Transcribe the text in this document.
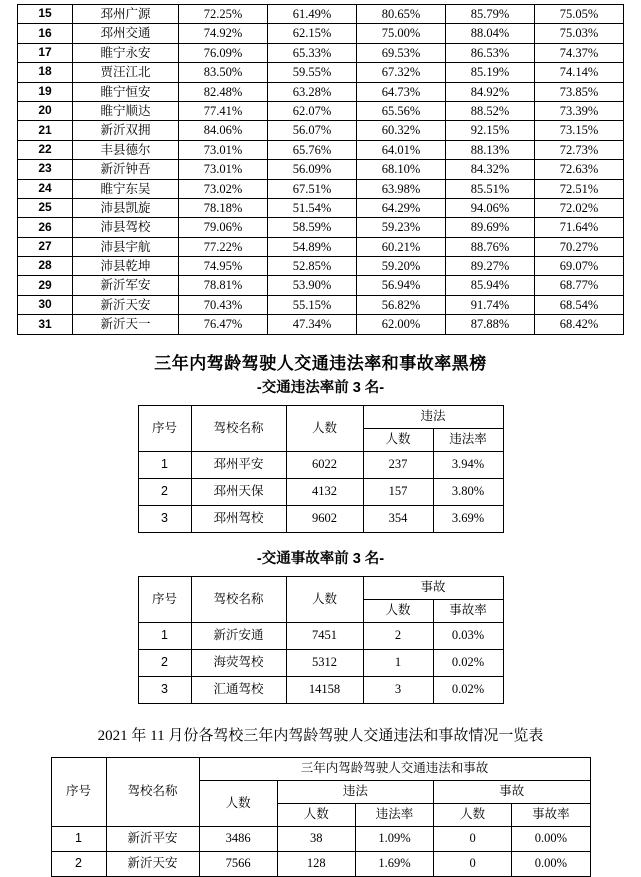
15	邳州广源	72.25%	61.49%	80.65%	85.79%	75.05%
16	邳州交通	74.92%	62.15%	75.00%	88.04%	75.03%
17	睢宁永安	76.09%	65.33%	69.53%	86.53%	74.37%
18	贾汪江北	83.50%	59.55%	67.32%	85.19%	74.14%
19	睢宁恒安	82.48%	63.28%	64.73%	84.92%	73.85%
20	睢宁顺达	77.41%	62.07%	65.56%	88.52%	73.39%
21	新沂双拥	84.06%	56.07%	60.32%	92.15%	73.15%
22	丰县德尔	73.01%	65.76%	64.01%	88.13%	72.73%
23	新沂钟吾	73.01%	56.09%	68.10%	84.32%	72.63%
24	睢宁东吴	73.02%	67.51%	63.98%	85.51%	72.51%
25	沛县凯旋	78.18%	51.54%	64.29%	94.06%	72.02%
26	沛县驾校	79.06%	58.59%	59.23%	89.69%	71.64%
27	沛县宇航	77.22%	54.89%	60.21%	88.76%	70.27%
28	沛县乾坤	74.95%	52.85%	59.20%	89.27%	69.07%
29	新沂军安	78.81%	53.90%	56.94%	85.94%	68.77%
30	新沂天安	70.43%	55.15%	56.82%	91.74%	68.54%
31	新沂天一	76.47%	47.34%	62.00%	87.88%	68.42%
三年内驾龄驾驶人交通违法率和事故率黑榜
-交通违法率前 3 名-
序号	驾校名称	人数	违法	
			人数	违法率
1	邳州平安	6022	237	3.94%
2	邳州天保	4132	157	3.80%
3	邳州驾校	9602	354	3.69%
-交通事故率前 3 名-
序号	驾校名称	人数	事故	
			人数	事故率
1	新沂安通	7451	2	0.03%
2	海荧驾校	5312	1	0.02%
3	汇通驾校	14158	3	0.02%
2021 年 11 月份各驾校三年内驾龄驾驶人交通违法和事故情况一览表
序号	驾校名称	三年内驾龄驾驶人交通违法和事故				
		人数	违法		事故	
			人数	违法率	人数	事故率
1	新沂平安	3486	38	1.09%	0	0.00%
2	新沂天安	7566	128	1.69%	0	0.00%
